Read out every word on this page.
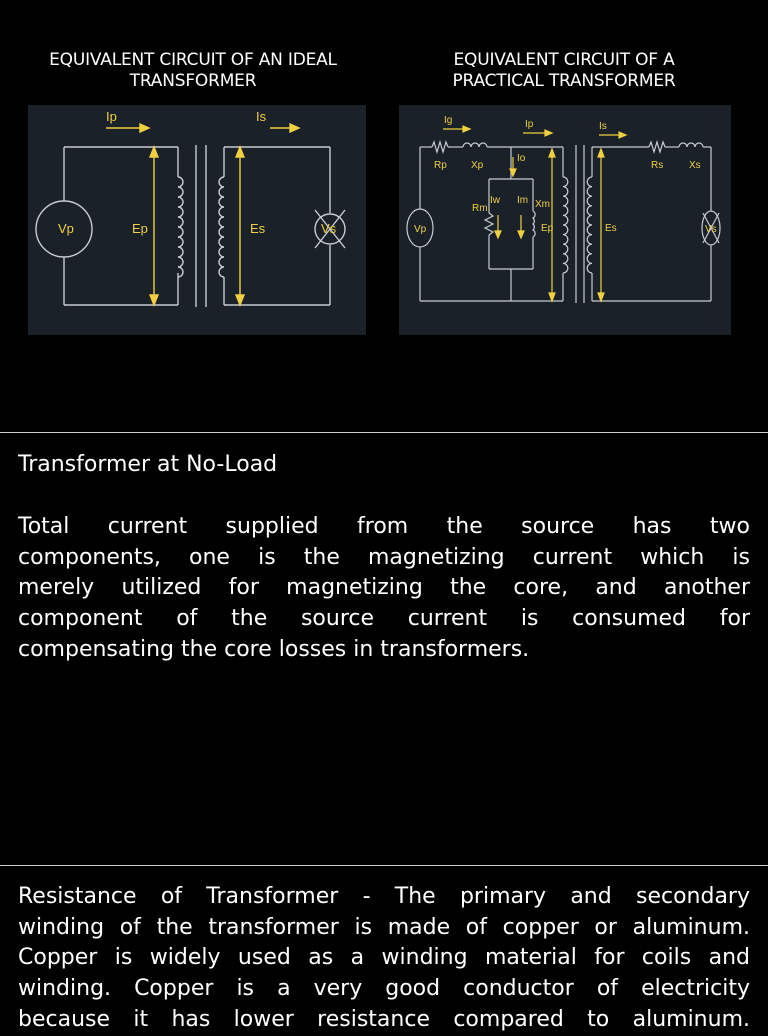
EQUIVALENT CIRCUIT OF AN IDEAL
TRANSFORMER
EQUIVALENT CIRCUIT OF A
PRACTICAL TRANSFORMER
Ip	Is
Ep	Es
Vp	Vs
Ig	Ip	Is
Rp Xp
Io
Iw Im
Rm	Xm
Ep	Es
Rs	Xs
Vp	Vs
Transformer at No-Load
Total current supplied from the source has two
components, one is the magnetizing current which is
merely utilized for magnetizing the core, and another
component of the source current is consumed for
compensating the core losses in transformers.
Resistance of Transformer - The primary and secondary
winding of the transformer is made of copper or aluminum.
Copper is widely used as a winding material for coils and
winding. Copper is a very good conductor of electricity
because it has lower resistance compared to aluminum.
